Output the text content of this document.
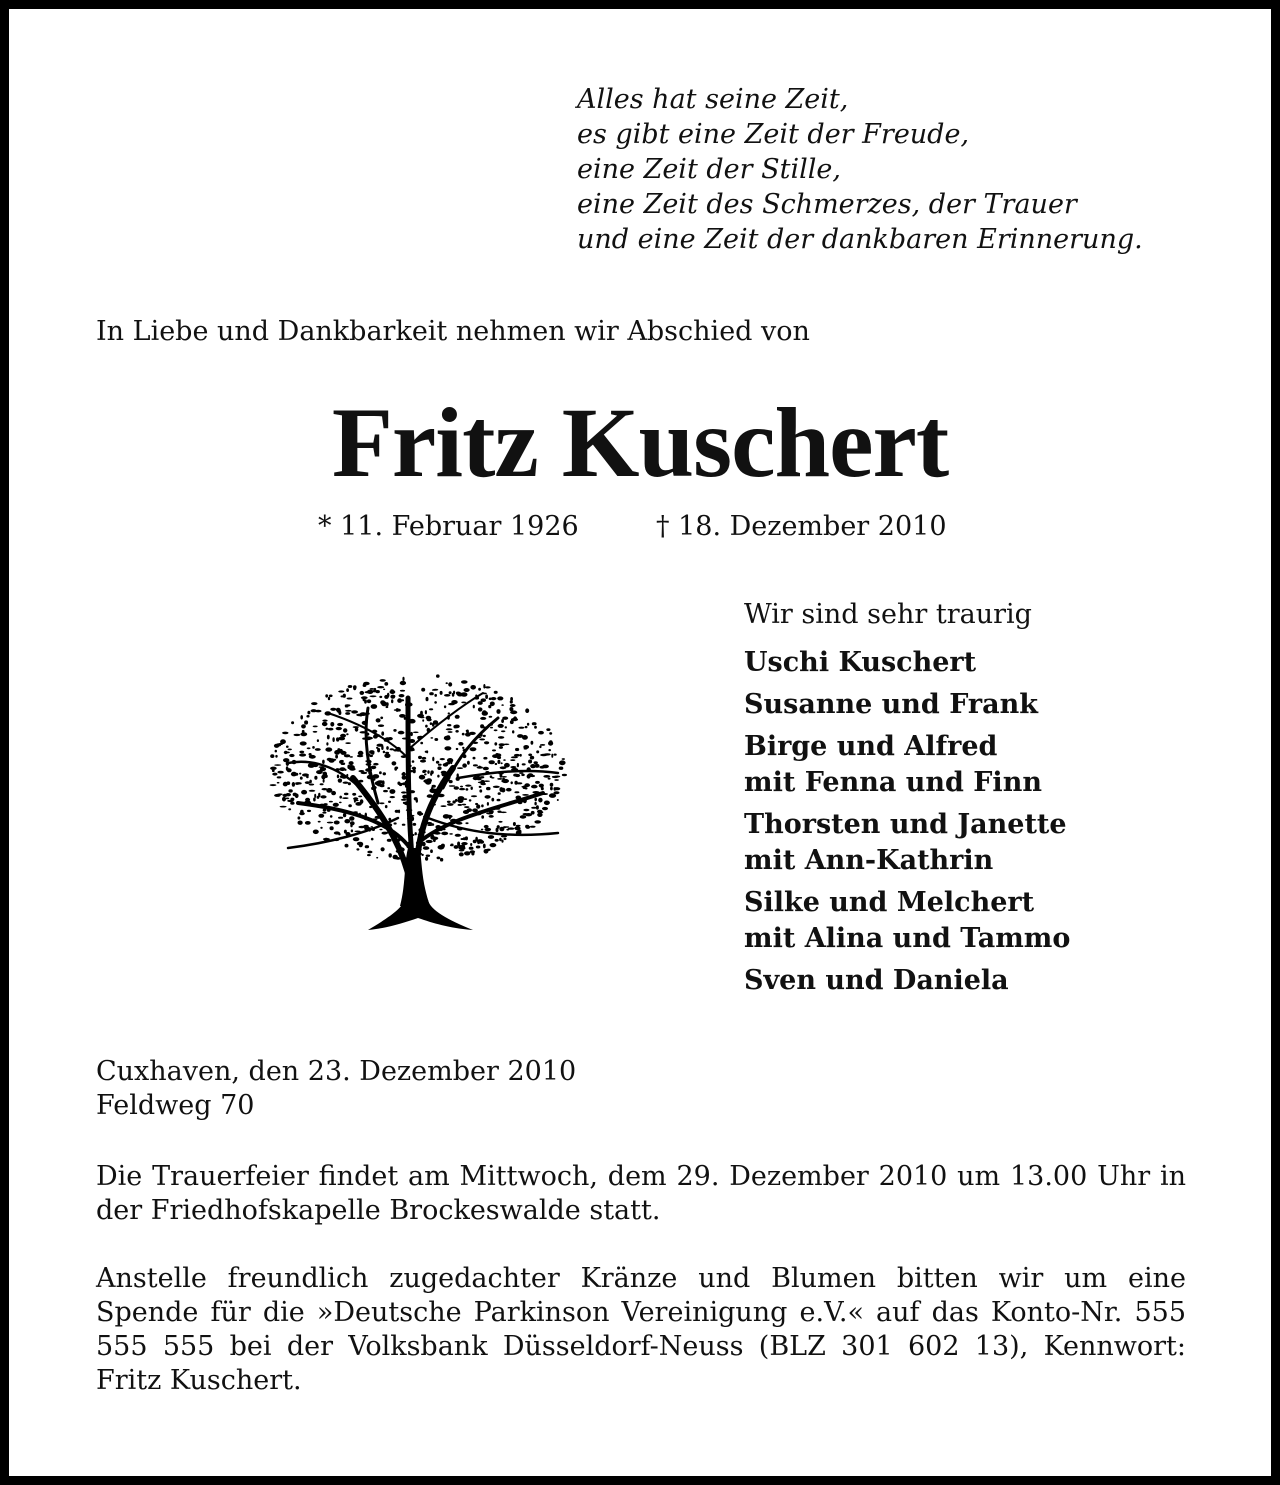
Alles hat seine Zeit,
es gibt eine Zeit der Freude,
eine Zeit der Stille,
eine Zeit des Schmerzes, der Trauer
und eine Zeit der dankbaren Erinnerung.
In Liebe und Dankbarkeit nehmen wir Abschied von
Fritz Kuschert
* 11. Februar 1926	† 18. Dezember 2010
Wir sind sehr traurig
Uschi Kuschert
Susanne und Frank
Birge und Alfred
mit Fenna und Finn
Thorsten und Janette
mit Ann-Kathrin
Silke und Melchert
mit Alina und Tammo
Sven und Daniela
Cuxhaven, den 23. Dezember 2010
Feldweg 70
Die Trauerfeier findet am Mittwoch, dem 29. Dezember 2010 um 13.00 Uhr in der Friedhofskapelle Brockeswalde statt.
Anstelle freundlich zugedachter Kränze und Blumen bitten wir um eine Spende für die »Deutsche Parkinson Vereinigung e.V.« auf das Konto-Nr. 555 555 555 bei der Volksbank Düsseldorf-Neuss (BLZ 301 602 13), Kennwort: Fritz Kuschert.
